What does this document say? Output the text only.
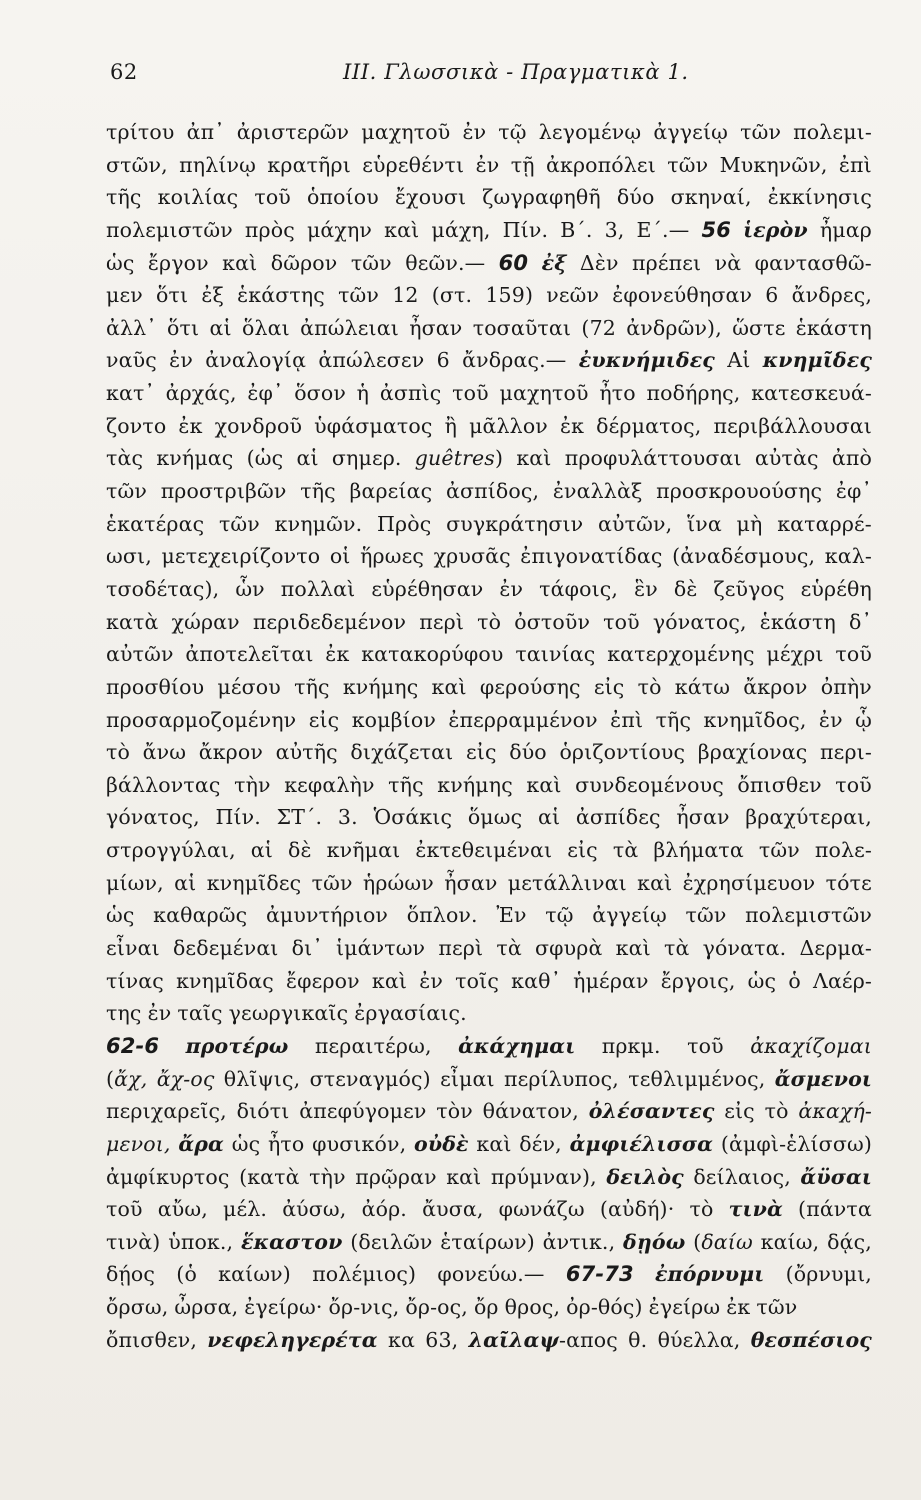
62	ΙΙΙ. Γλωσσικὰ - Πραγματικὰ 1.
τρίτου ἀπ᾽ ἀριστερῶν μαχητοῦ ἐν τῷ λεγομένῳ ἀγγείῳ τῶν πολεμι-
στῶν, πηλίνῳ κρατῆρι εὑρεθέντι ἐν τῇ ἀκροπόλει τῶν Μυκηνῶν, ἐπὶ
τῆς κοιλίας τοῦ ὁποίου ἔχουσι ζωγραφηθῆ δύο σκηναί, ἐκκίνησις
πολεμιστῶν πρὸς μάχην καὶ μάχη, Πίν. Β΄. 3, Ε΄.— 56 ἱερὸν ἦμαρ
ὡς ἔργον καὶ δῶρον τῶν θεῶν.— 60 ἐξ Δὲν πρέπει νὰ φαντασθῶ-
μεν ὅτι ἐξ ἑκάστης τῶν 12 (στ. 159) νεῶν ἐφονεύθησαν 6 ἄνδρες,
ἀλλ᾽ ὅτι αἱ ὅλαι ἀπώλειαι ἦσαν τοσαῦται (72 ἀνδρῶν), ὥστε ἑκάστη
ναῦς ἐν ἀναλογίᾳ ἀπώλεσεν 6 ἄνδρας.— ἐυκνήμιδες Αἱ κνημῖδες
κατ᾽ ἀρχάς, ἐφ᾽ ὅσον ἡ ἀσπὶς τοῦ μαχητοῦ ἦτο ποδήρης, κατεσκευά-
ζοντο ἐκ χονδροῦ ὑφάσματος ἢ μᾶλλον ἐκ δέρματος, περιβάλλουσαι
τὰς κνήμας (ὡς αἱ σημερ. guêtres) καὶ προφυλάττουσαι αὐτὰς ἀπὸ
τῶν προστριβῶν τῆς βαρείας ἀσπίδος, ἐναλλὰξ προσκρουούσης ἐφ᾽
ἑκατέρας τῶν κνημῶν. Πρὸς συγκράτησιν αὐτῶν, ἵνα μὴ καταρρέ-
ωσι, μετεχειρίζοντο οἱ ἥρωες χρυσᾶς ἐπιγονατίδας (ἀναδέσμους, καλ-
τσοδέτας), ὧν πολλαὶ εὑρέθησαν ἐν τάφοις, ἓν δὲ ζεῦγος εὑρέθη
κατὰ χώραν περιδεδεμένον περὶ τὸ ὀστοῦν τοῦ γόνατος, ἑκάστη δ᾽
αὐτῶν ἀποτελεῖται ἐκ κατακορύφου ταινίας κατερχομένης μέχρι τοῦ
προσθίου μέσου τῆς κνήμης καὶ φερούσης εἰς τὸ κάτω ἄκρον ὀπὴν
προσαρμοζομένην εἰς κομβίον ἐπερραμμένον ἐπὶ τῆς κνημῖδος, ἐν ᾧ
τὸ ἄνω ἄκρον αὐτῆς διχάζεται εἰς δύο ὁριζοντίους βραχίονας περι-
βάλλοντας τὴν κεφαλὴν τῆς κνήμης καὶ συνδεομένους ὄπισθεν τοῦ
γόνατος, Πίν. ΣΤ΄. 3. Ὁσάκις ὅμως αἱ ἀσπίδες ἦσαν βραχύτεραι,
στρογγύλαι, αἱ δὲ κνῆμαι ἐκτεθειμέναι εἰς τὰ βλήματα τῶν πολε-
μίων, αἱ κνημῖδες τῶν ἡρώων ἦσαν μετάλλιναι καὶ ἐχρησίμευον τότε
ὡς καθαρῶς ἀμυντήριον ὅπλον. Ἐν τῷ ἀγγείῳ τῶν πολεμιστῶν
εἶναι δεδεμέναι δι᾽ ἱμάντων περὶ τὰ σφυρὰ καὶ τὰ γόνατα. Δερμα-
τίνας κνημῖδας ἔφερον καὶ ἐν τοῖς καθ᾽ ἡμέραν ἔργοις, ὡς ὁ Λαέρ-
της ἐν ταῖς γεωργικαῖς ἐργασίαις.
62-6 προτέρω περαιτέρω, ἀκάχημαι πρκμ. τοῦ ἀκαχίζομαι
(ἄχ, ἄχ-ος θλῖψις, στεναγμός) εἶμαι περίλυπος, τεθλιμμένος, ἄσμενοι
περιχαρεῖς, διότι ἀπεφύγομεν τὸν θάνατον, ὀλέσαντες εἰς τὸ ἀκαχή-
μενοι, ἄρα ὡς ἦτο φυσικόν, οὐδὲ καὶ δέν, ἀμφιέλισσα (ἀμφὶ-ἑλίσσω)
ἀμφίκυρτος (κατὰ τὴν πρῷραν καὶ πρύμναν), δειλὸς δείλαιος, ἄϋσαι
τοῦ αὔω, μέλ. ἀύσω, ἀόρ. ἄυσα, φωνάζω (αὐδή)· τὸ τινὰ (πάντα
τινὰ) ὑποκ., ἕκαστον (δειλῶν ἑταίρων) ἀντικ., δῃόω (δαίω καίω, δᾴς,
δῄος (ὁ καίων) πολέμιος) φονεύω.— 67-73 ἐπόρνυμι (ὄρνυμι,
ὄρσω, ὦρσα, ἐγείρω· ὄρ-νις, ὄρ-ος, ὄρ θρος, ὀρ-θός) ἐγείρω ἐκ τῶν
ὄπισθεν, νεφεληγερέτα κα 63, λαῖλαψ-απος θ. θύελλα, θεσπέσιος
